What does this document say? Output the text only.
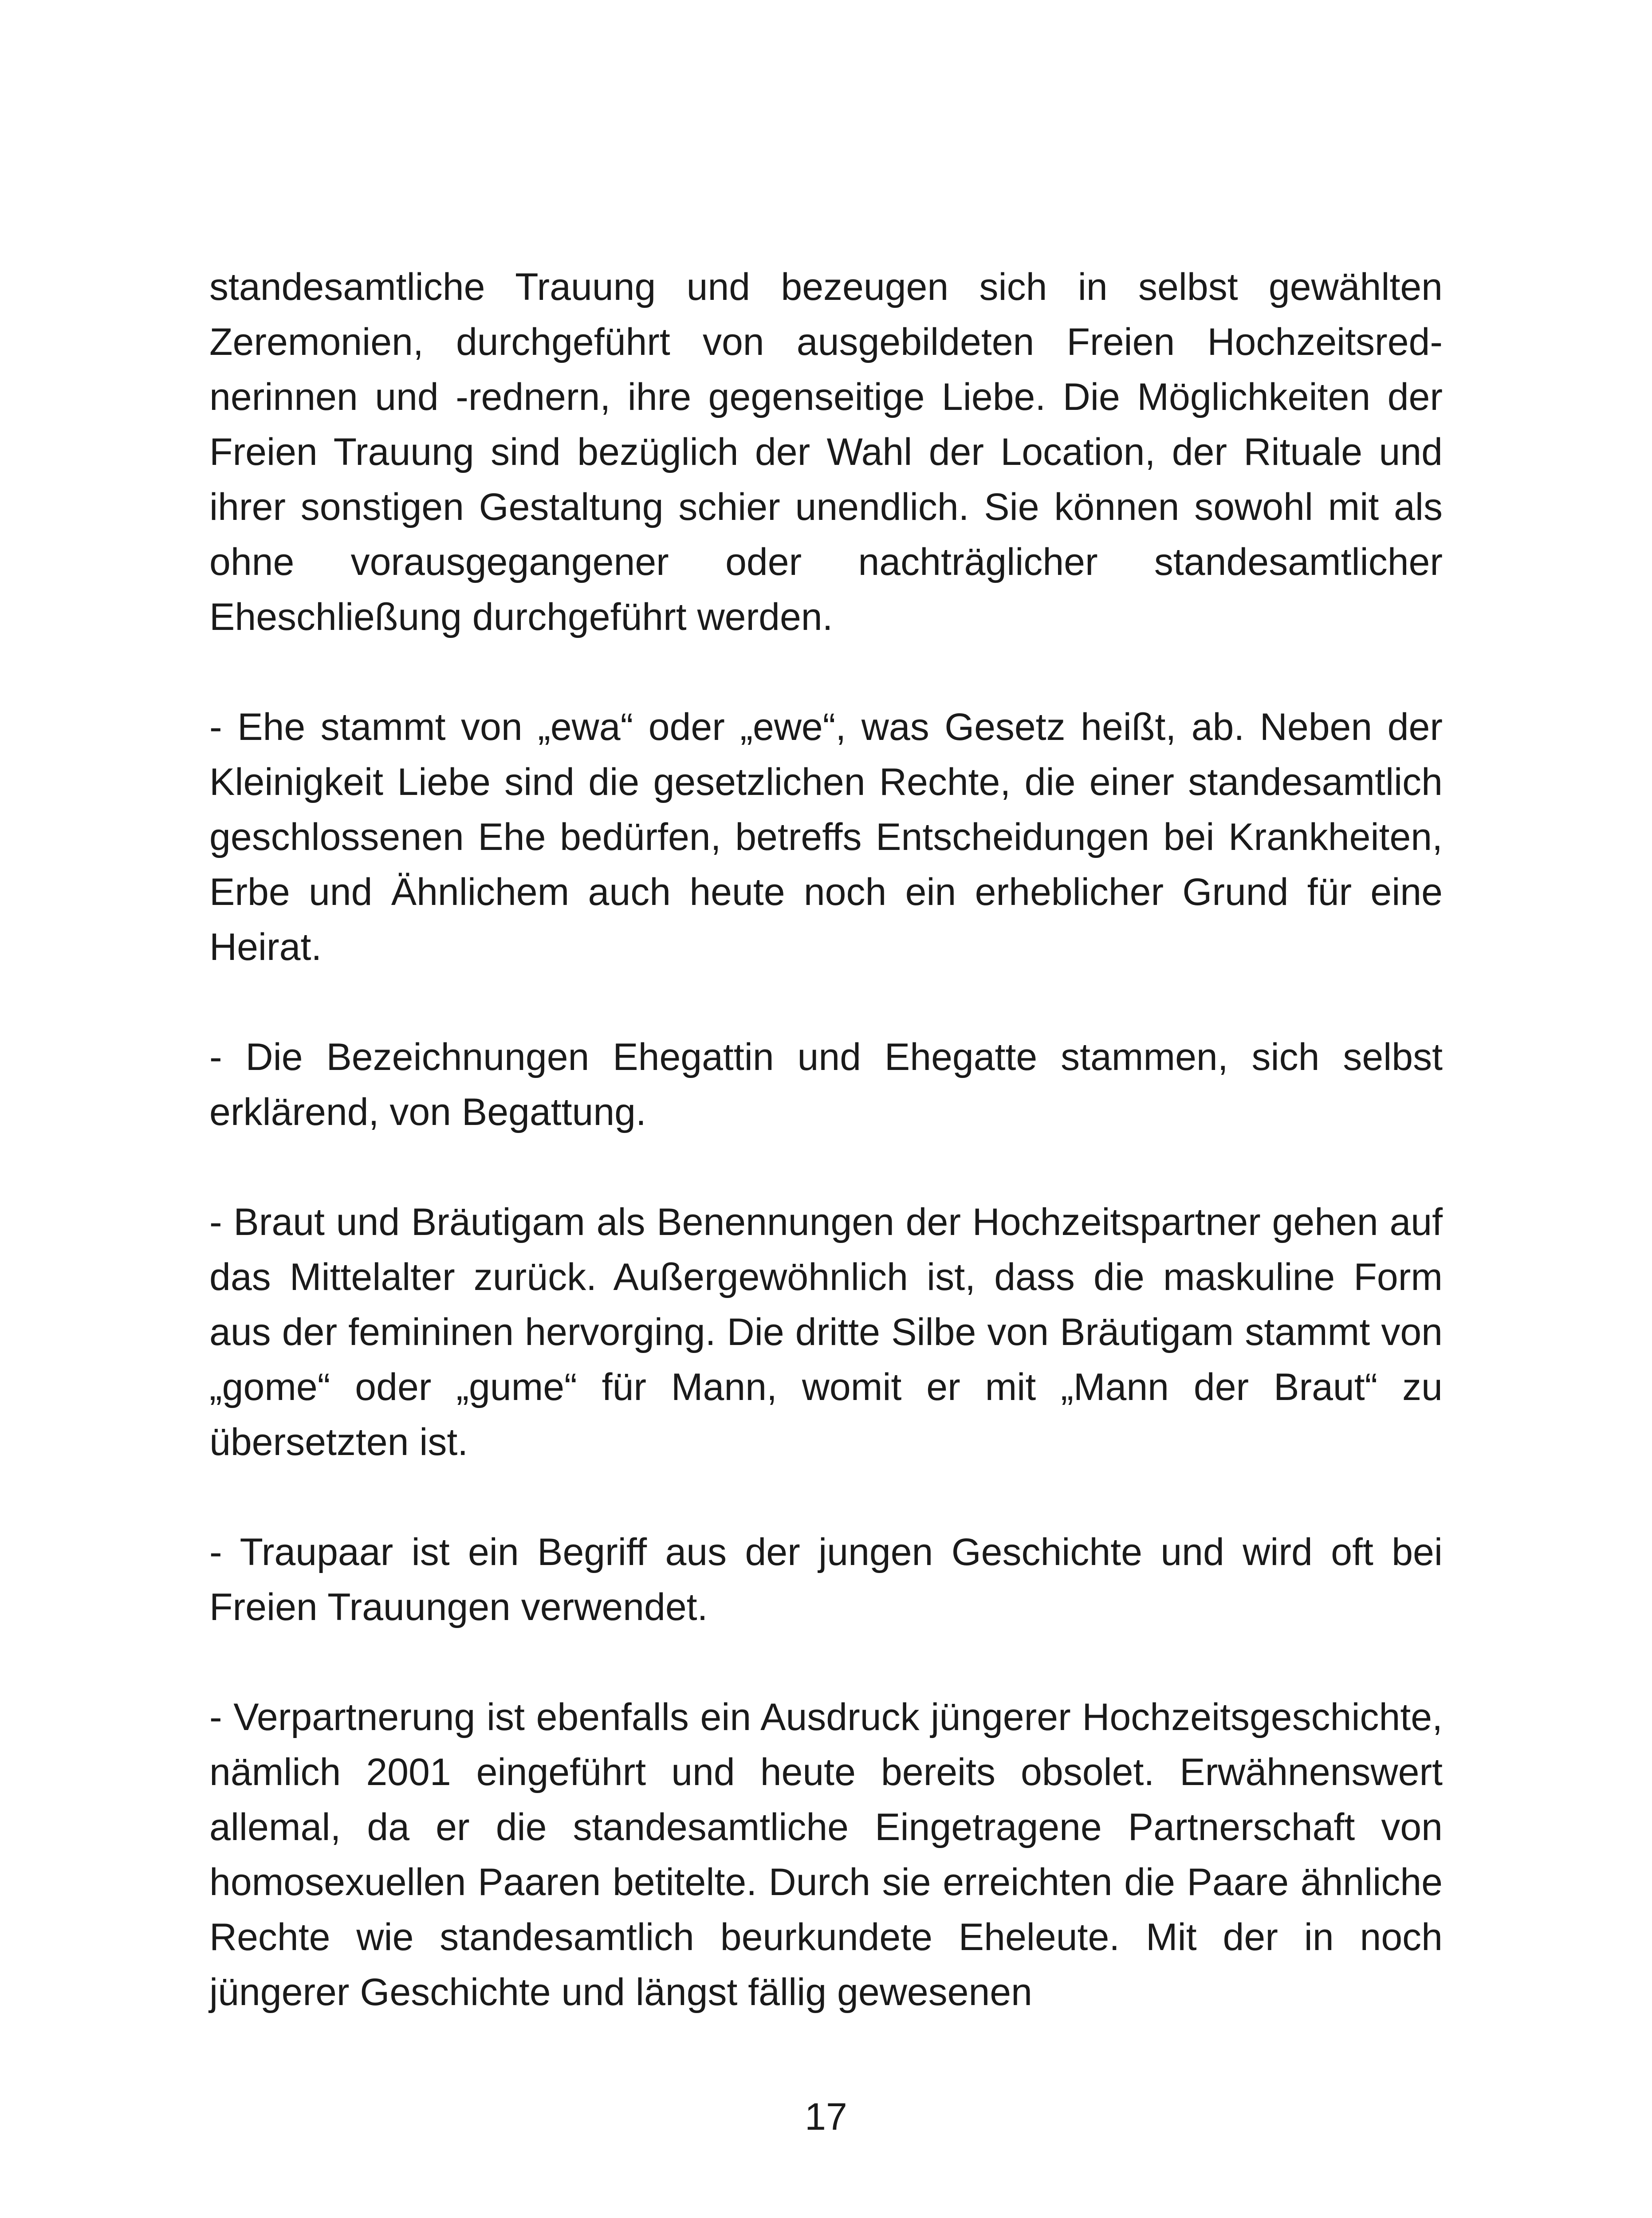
standesamtliche Trauung und bezeugen sich in selbst gewählten Zeremonien, durchgeführt von ausgebildeten Freien Hochzeitsrednerinnen und -rednern, ihre gegenseitige Liebe. Die Möglichkeiten der Freien Trauung sind bezüglich der Wahl der Location, der Rituale und ihrer sonstigen Gestaltung schier unendlich. Sie können sowohl mit als ohne vorausgegangener oder nachträglicher standesamtlicher Eheschließung durchgeführt werden.

- Ehe stammt von „ewa“ oder „ewe“, was Gesetz heißt, ab. Neben der Kleinigkeit Liebe sind die gesetzlichen Rechte, die einer standesamtlich geschlossenen Ehe bedürfen, betreffs Entscheidungen bei Krankheiten, Erbe und Ähnlichem auch heute noch ein erheblicher Grund für eine Heirat.

- Die Bezeichnungen Ehegattin und Ehegatte stammen, sich selbst erklärend, von Begattung.

- Braut und Bräutigam als Benennungen der Hochzeitspartner gehen auf das Mittelalter zurück. Außergewöhnlich ist, dass die maskuline Form aus der femininen hervorging. Die dritte Silbe von Bräutigam stammt von „gome“ oder „gume“ für Mann, womit er mit „Mann der Braut“ zu übersetzten ist.

- Traupaar ist ein Begriff aus der jungen Geschichte und wird oft bei Freien Trauungen verwendet.

- Verpartnerung ist ebenfalls ein Ausdruck jüngerer Hochzeitsgeschichte, nämlich 2001 eingeführt und heute bereits obsolet. Erwähnenswert allemal, da er die standesamtliche Eingetragene Partnerschaft von homosexuellen Paaren betitelte. Durch sie erreichten die Paare ähnliche Rechte wie standesamtlich beurkundete Eheleute. Mit der in noch jüngerer Geschichte und längst fällig gewesenen

17
